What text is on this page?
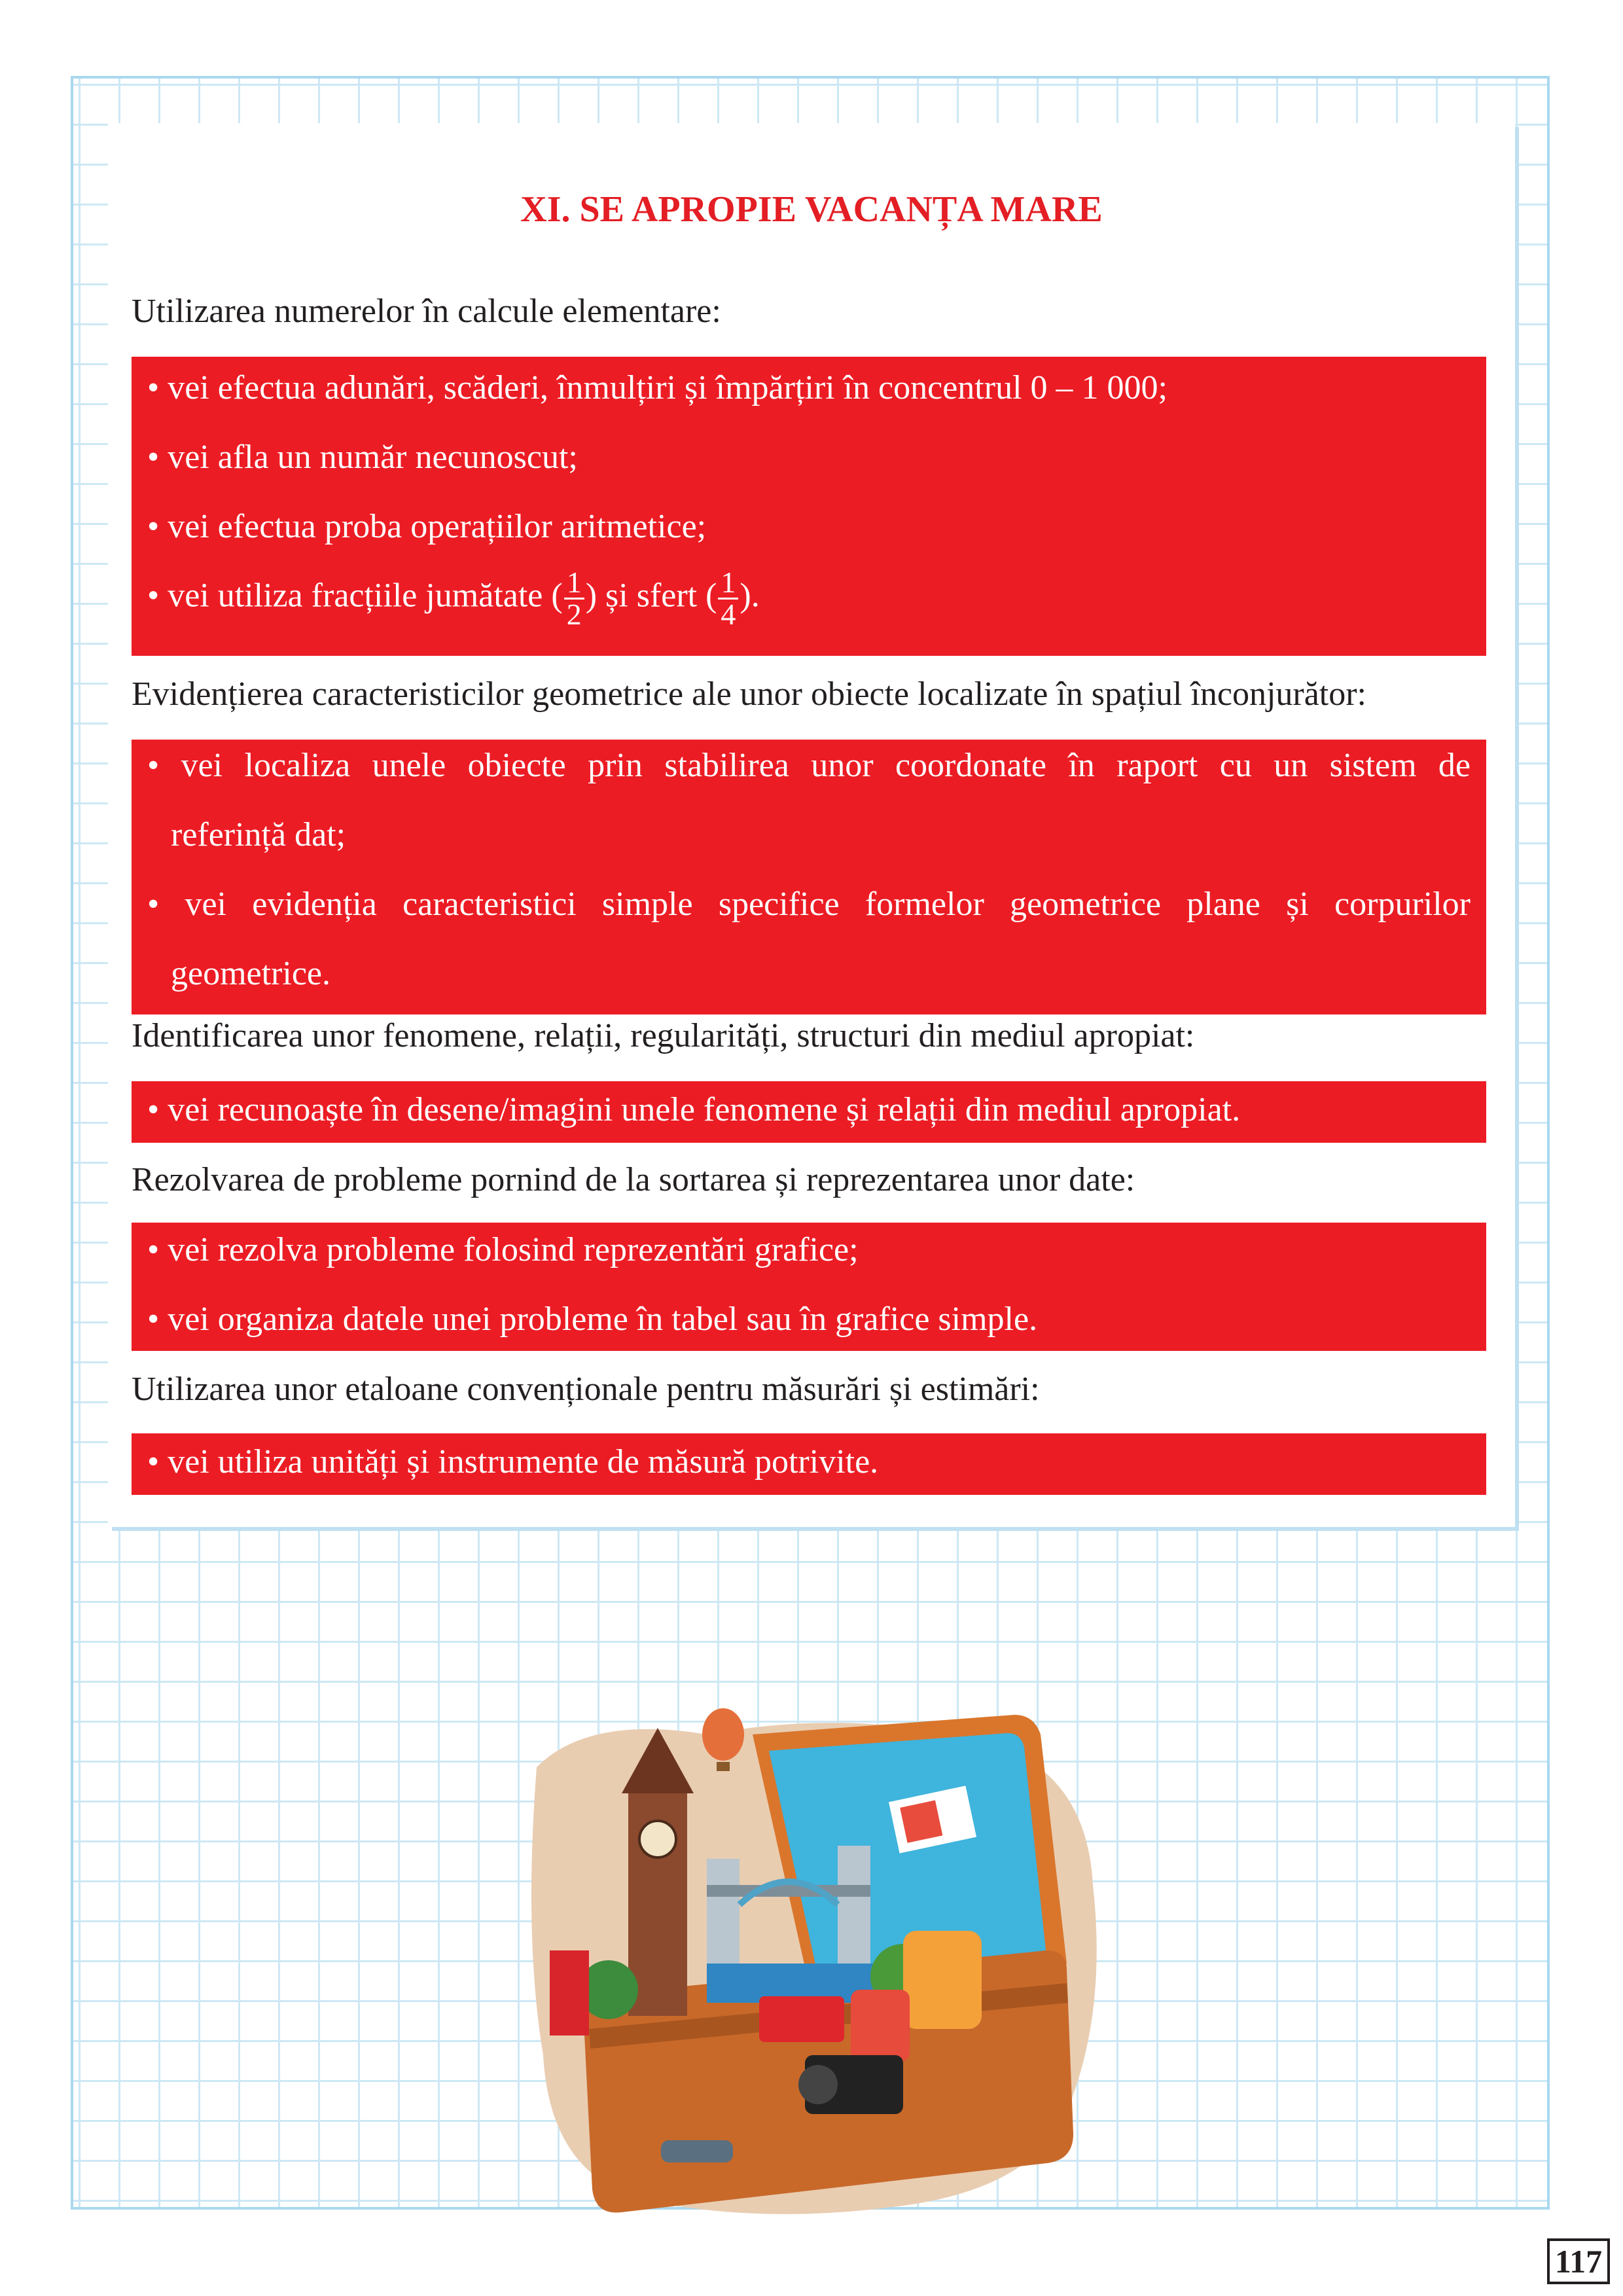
XI. SE APROPIE VACANȚA MARE
Utilizarea numerelor în calcule elementare:
• vei efectua adunări, scăderi, înmulțiri și împărțiri în concentrul 0 – 1 000;
• vei afla un număr necunoscut;
• vei efectua proba operațiilor aritmetice;
• vei utiliza fracțiile jumătate ( $\frac{1}{2}$ ) și sfert ( $\frac{1}{4}$ ).
Evidențierea caracteristicilor geometrice ale unor obiecte localizate în spațiul înconjurător:
• vei localiza unele obiecte prin stabilirea unor coordonate în raport cu un sistem de
referință dat;
• vei evidenția caracteristici simple specifice formelor geometrice plane și corpurilor
geometrice.
Identificarea unor fenomene, relații, regularități, structuri din mediul apropiat:
• vei recunoaște în desene/imagini unele fenomene și relații din mediul apropiat.
Rezolvarea de probleme pornind de la sortarea și reprezentarea unor date:
• vei rezolva probleme folosind reprezentări grafice;
• vei organiza datele unei probleme în tabel sau în grafice simple.
Utilizarea unor etaloane convenționale pentru măsurări și estimări:
• vei utiliza unități și instrumente de măsură potrivite.
117
